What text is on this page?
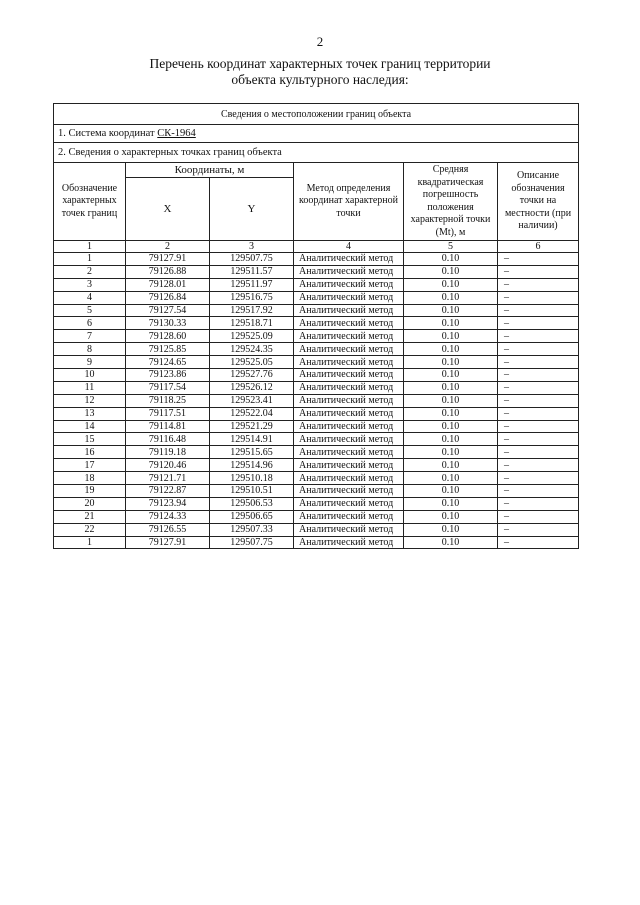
2
Перечень координат характерных точек границ территории
объекта культурного наследия:
Сведения о местоположении границ объекта					
1. Система координат СК-1964					
2. Сведения о характерных точках границ объекта					
Обозначение характерных точек границ	Координаты, м		Метод определения координат характерной точки	Средняя квадратическая погрешность положения характерной точки (Mt), м	Описание обозначения точки на местности (при наличии)
	X	Y			
1	2	3	4	5	6
1	79127.91	129507.75	Аналитический метод	0.10	–
2	79126.88	129511.57	Аналитический метод	0.10	–
3	79128.01	129511.97	Аналитический метод	0.10	–
4	79126.84	129516.75	Аналитический метод	0.10	–
5	79127.54	129517.92	Аналитический метод	0.10	–
6	79130.33	129518.71	Аналитический метод	0.10	–
7	79128.60	129525.09	Аналитический метод	0.10	–
8	79125.85	129524.35	Аналитический метод	0.10	–
9	79124.65	129525.05	Аналитический метод	0.10	–
10	79123.86	129527.76	Аналитический метод	0.10	–
11	79117.54	129526.12	Аналитический метод	0.10	–
12	79118.25	129523.41	Аналитический метод	0.10	–
13	79117.51	129522.04	Аналитический метод	0.10	–
14	79114.81	129521.29	Аналитический метод	0.10	–
15	79116.48	129514.91	Аналитический метод	0.10	–
16	79119.18	129515.65	Аналитический метод	0.10	–
17	79120.46	129514.96	Аналитический метод	0.10	–
18	79121.71	129510.18	Аналитический метод	0.10	–
19	79122.87	129510.51	Аналитический метод	0.10	–
20	79123.94	129506.53	Аналитический метод	0.10	–
21	79124.33	129506.65	Аналитический метод	0.10	–
22	79126.55	129507.33	Аналитический метод	0.10	–
1	79127.91	129507.75	Аналитический метод	0.10	–
